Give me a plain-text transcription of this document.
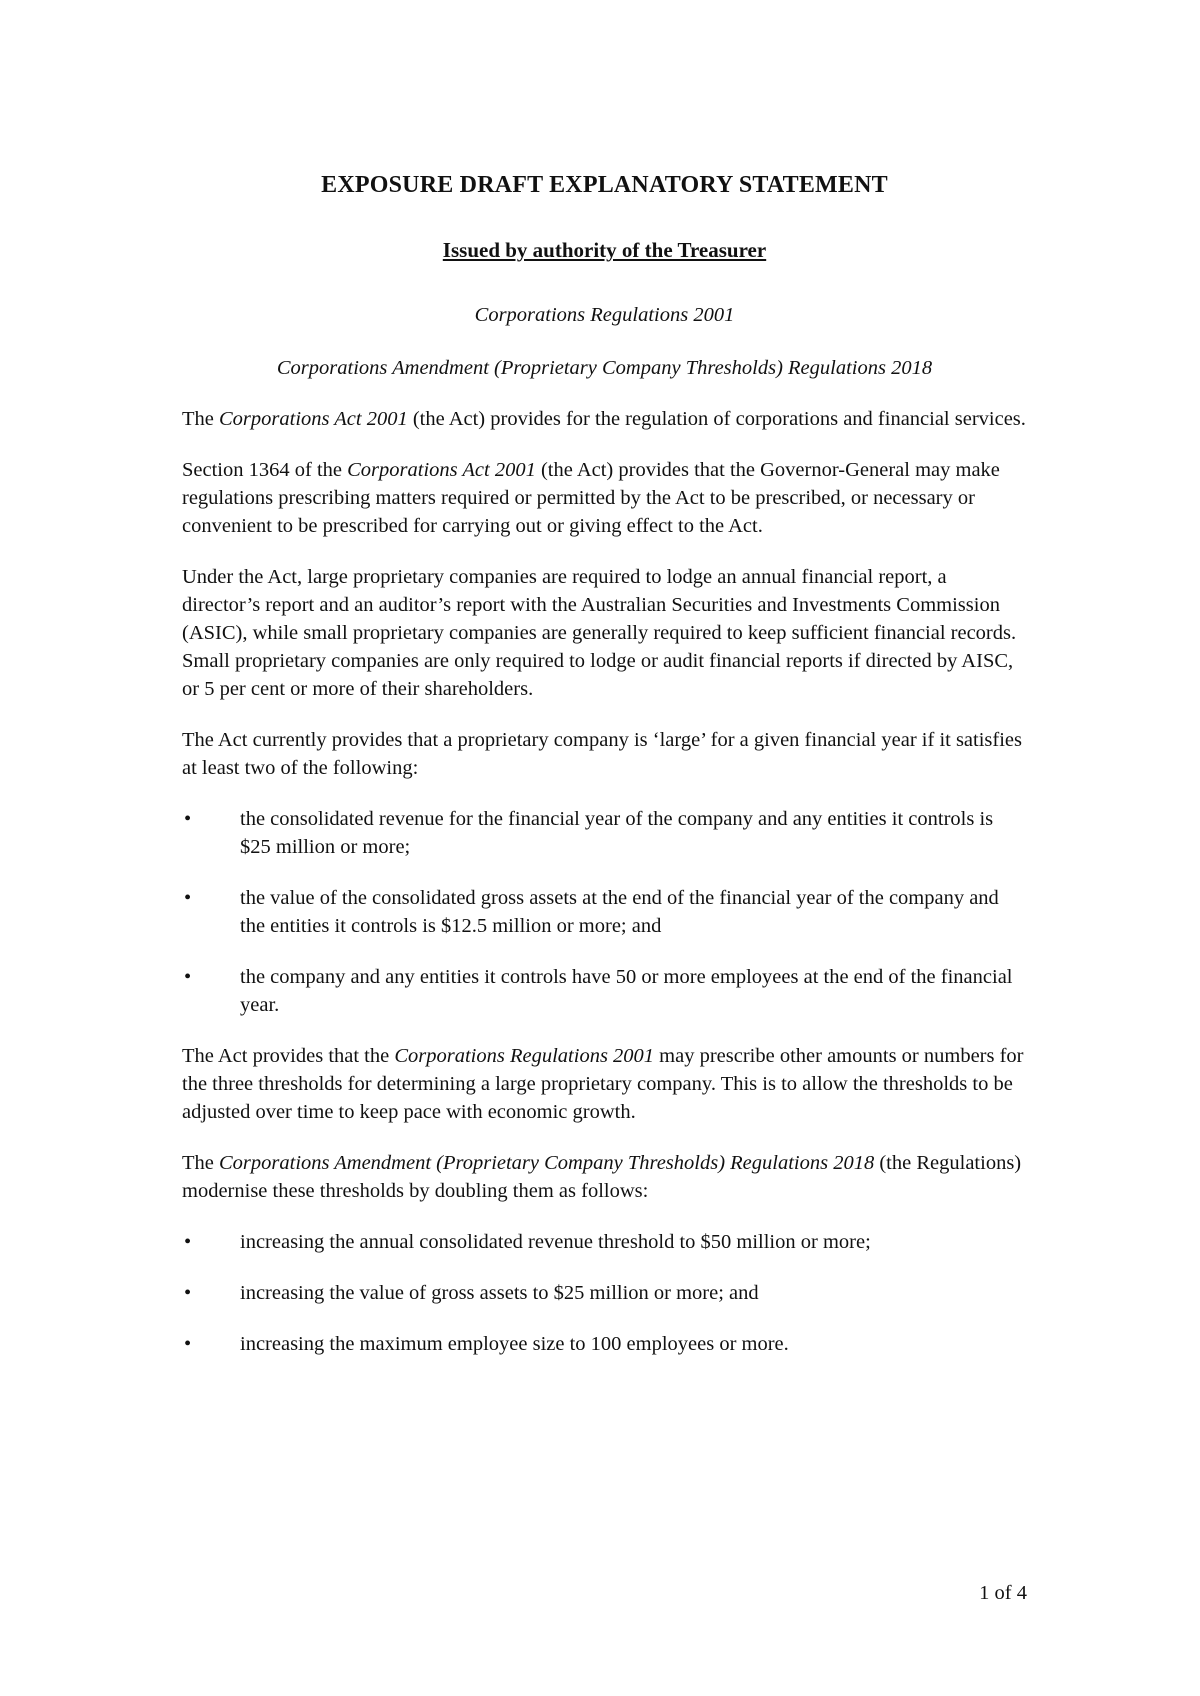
EXPOSURE DRAFT EXPLANATORY STATEMENT
Issued by authority of the Treasurer
Corporations Regulations 2001
Corporations Amendment (Proprietary Company Thresholds) Regulations 2018

The Corporations Act 2001 (the Act) provides for the regulation of corporations and financial services.

Section 1364 of the Corporations Act 2001 (the Act) provides that the Governor-General may make regulations prescribing matters required or permitted by the Act to be prescribed, or necessary or convenient to be prescribed for carrying out or giving effect to the Act.

Under the Act, large proprietary companies are required to lodge an annual financial report, a director’s report and an auditor’s report with the Australian Securities and Investments Commission (ASIC), while small proprietary companies are generally required to keep sufficient financial records. Small proprietary companies are only required to lodge or audit financial reports if directed by AISC, or 5 per cent or more of their shareholders.

The Act currently provides that a proprietary company is ‘large’ for a given financial year if it satisfies at least two of the following:

•	the consolidated revenue for the financial year of the company and any entities it controls is $25 million or more;
•	the value of the consolidated gross assets at the end of the financial year of the company and the entities it controls is $12.5 million or more; and
•	the company and any entities it controls have 50 or more employees at the end of the financial year.

The Act provides that the Corporations Regulations 2001 may prescribe other amounts or numbers for the three thresholds for determining a large proprietary company. This is to allow the thresholds to be adjusted over time to keep pace with economic growth.

The Corporations Amendment (Proprietary Company Thresholds) Regulations 2018 (the Regulations) modernise these thresholds by doubling them as follows:

•	increasing the annual consolidated revenue threshold to $50 million or more;
•	increasing the value of gross assets to $25 million or more; and
•	increasing the maximum employee size to 100 employees or more.
1 of 4
